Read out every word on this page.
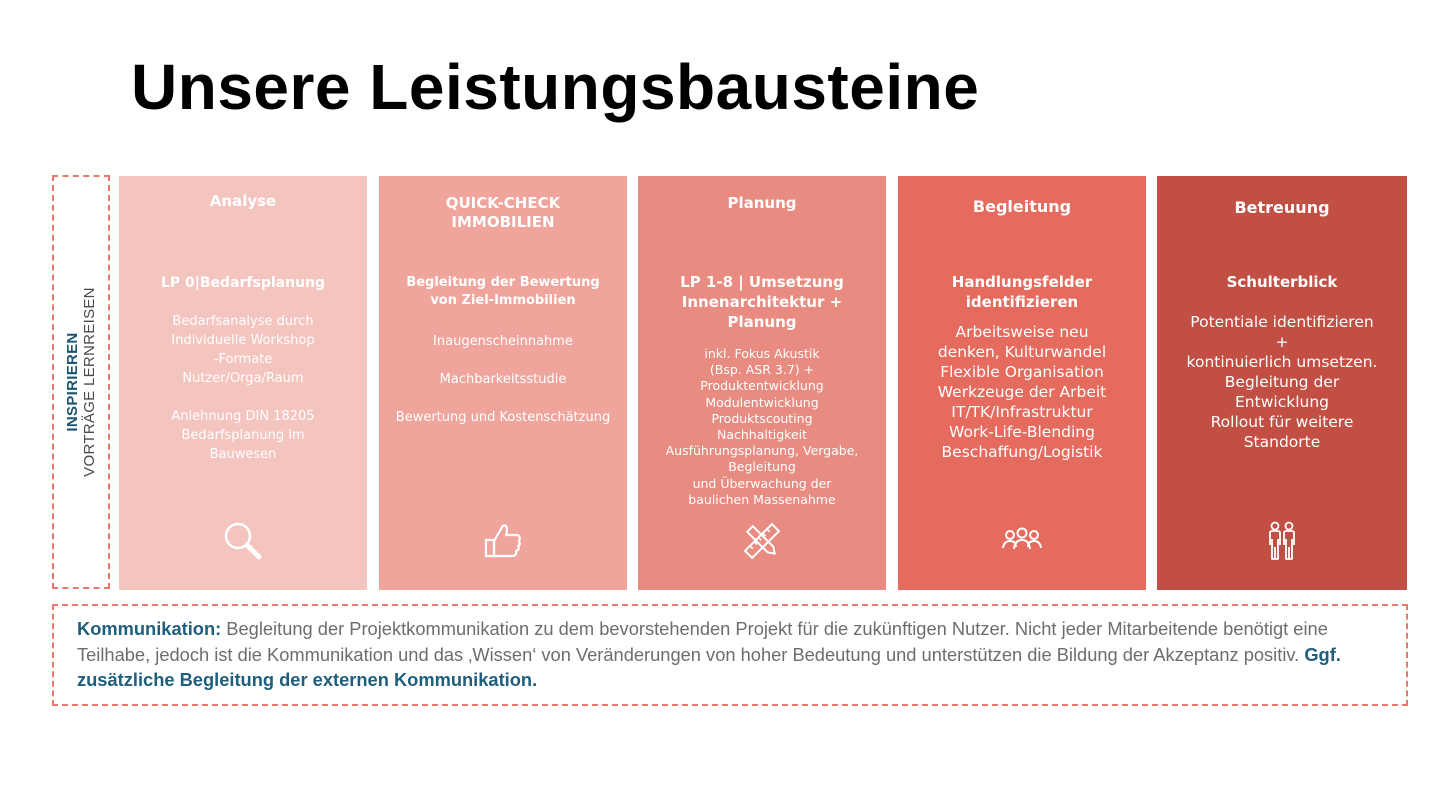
Unsere Leistungsbausteine
INSPIRIEREN VORTRÄGE LERNREISEN
Analyse
LP 0|Bedarfsplanung
Bedarfsanalyse durch
Individuelle Workshop
-Formate
Nutzer/Orga/Raum
Anlehnung DIN 18205
Bedarfsplanung im
Bauwesen
QUICK-CHECK
IMMOBILIEN
Begleitung der Bewertung
von Ziel-Immobilien
Inaugenscheinnahme
Machbarkeitsstudie
Bewertung und Kostenschätzung
Planung
LP 1-8 | Umsetzung
Innenarchitektur + Planung
inkl. Fokus Akustik
(Bsp. ASR 3.7) +
Produktentwicklung
Modulentwicklung
Produktscouting
Nachhaltigkeit
Ausführungsplanung, Vergabe,
Begleitung
und Überwachung der
baulichen Massenahme
Begleitung
Handlungsfelder
identifizieren
Arbeitsweise neu
denken, Kulturwandel
Flexible Organisation
Werkzeuge der Arbeit
IT/TK/Infrastruktur
Work-Life-Blending
Beschaffung/Logistik
Betreuung
Schulterblick
Potentiale identifizieren
+
kontinuierlich umsetzen.
Begleitung der
Entwicklung
Rollout für weitere
Standorte
Kommunikation: Begleitung der Projektkommunikation zu dem bevorstehenden Projekt für die zukünftigen Nutzer. Nicht jeder Mitarbeitende benötigt eine Teilhabe, jedoch ist die Kommunikation und das ‚Wissen‘ von Veränderungen von hoher Bedeutung und unterstützen die Bildung der Akzeptanz positiv. Ggf. zusätzliche Begleitung der externen Kommunikation.
